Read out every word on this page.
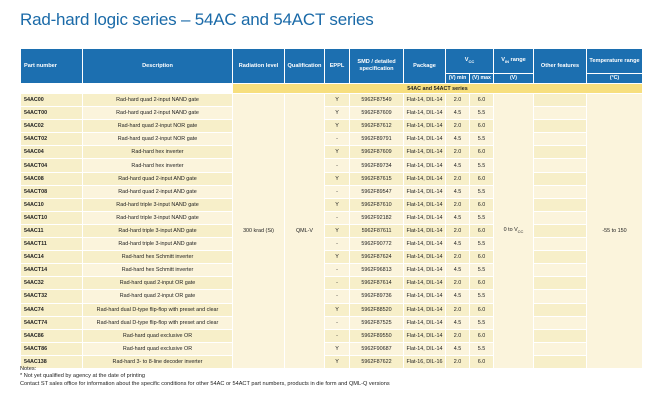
Rad-hard logic series – 54AC and 54ACT series
Part number	Description	Radiation level	Qualification	EPPL	SMD / detailed specification	Package	$V_{CC}$		$V_{IN}$ range	Other features	Temperature range
							(V) min	(V) max	(V)		(°C)
		54AC and 54ACT series									
54AC00	Rad-hard quad 2-input NAND gate	300 krad (Si)	QML-V	Y	5962F87549	Flat-14, DIL-14	2.0	6.0	0 to $V_{CC}$		-55 to 150
54ACT00	Rad-hard quad 2-input NAND gate			Y	5962F87609	Flat-14, DIL-14	4.5	5.5			
54AC02	Rad-hard quad 2-input NOR gate			Y	5962F87612	Flat-14, DIL-14	2.0	6.0			
54ACT02	Rad-hard quad 2-input NOR gate			-	5962F89791	Flat-14, DIL-14	4.5	5.5			
54AC04	Rad-hard hex inverter			Y	5962F87609	Flat-14, DIL-14	2.0	6.0			
54ACT04	Rad-hard hex inverter			-	5962F89734	Flat-14, DIL-14	4.5	5.5			
54AC08	Rad-hard quad 2-input AND gate			Y	5962F87615	Flat-14, DIL-14	2.0	6.0			
54ACT08	Rad-hard quad 2-input AND gate			-	5962F89547	Flat-14, DIL-14	4.5	5.5			
54AC10	Rad-hard triple 3-input NAND gate			Y	5962F87610	Flat-14, DIL-14	2.0	6.0			
54ACT10	Rad-hard triple 3-input NAND gate			-	5962F92182	Flat-14, DIL-14	4.5	5.5			
54AC11	Rad-hard triple 3-input AND gate			Y	5962F87611	Flat-14, DIL-14	2.0	6.0			
54ACT11	Rad-hard triple 3-input AND gate			-	5962F90772	Flat-14, DIL-14	4.5	5.5			
54AC14	Rad-hard hex Schmitt inverter			Y	5962F87624	Flat-14, DIL-14	2.0	6.0			
54ACT14	Rad-hard hex Schmitt inverter			-	5962F96813	Flat-14, DIL-14	4.5	5.5			
54AC32	Rad-hard quad 2-input OR gate			-	5962F87614	Flat-14, DIL-14	2.0	6.0			
54ACT32	Rad-hard quad 2-input OR gate			-	5962F89736	Flat-14, DIL-14	4.5	5.5			
54AC74	Rad-hard dual D-type flip-flop with preset and clear			Y	5962F88520	Flat-14, DIL-14	2.0	6.0			
54ACT74	Rad-hard dual D-type flip-flop with preset and clear			-	5962F87525	Flat-14, DIL-14	4.5	5.5			
54AC86	Rad-hard quad exclusive OR			-	5962F89550	Flat-14, DIL-14	2.0	6.0			
54ACT86	Rad-hard quad exclusive OR			Y	5962F90687	Flat-14, DIL-14	4.5	5.5			
54AC138	Rad-hard 3- to 8-line decoder inverter			Y	5962F87622	Flat-16, DIL-16	2.0	6.0			
Notes:
* Not yet qualified by agency at the date of printing
Contact ST sales office for information about the specific conditions for other 54AC or 54ACT part numbers, products in die form and QML-Q versions
